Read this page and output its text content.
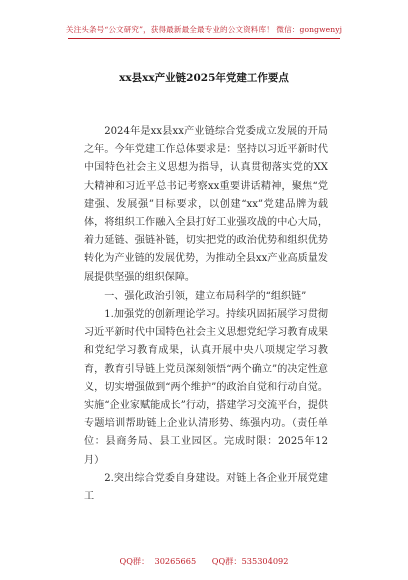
关注头条号“公文研究”，获得最新最全最专业的公文资料库！ 微信：gongwenyj
xx县xx产业链2025年党建工作要点

2024年是xx县xx产业链综合党委成立发展的开局之年。今年党建工作总体要求是：坚持以习近平新时代中国特色社会主义思想为指导，认真贯彻落实党的XX大精神和习近平总书记考察xx重要讲话精神，聚焦“党建强、发展强”目标要求，以创建“xx”党建品牌为载体，将组织工作融入全县打好工业强攻战的中心大局，着力延链、强链补链，切实把党的政治优势和组织优势转化为产业链的发展优势，为推动全县xx产业高质量发展提供坚强的组织保障。

一、强化政治引领，建立布局科学的“组织链”

1.加强党的创新理论学习。持续巩固拓展学习贯彻习近平新时代中国特色社会主义思想党纪学习教育成果和党纪学习教育成果，认真开展中央八项规定学习教育，教育引导链上党员深刻领悟“两个确立”的决定性意义，切实增强做到“两个维护”的政治自觉和行动自觉。实施“企业家赋能成长”行动，搭建学习交流平台，提供专题培训帮助链上企业认清形势、练强内功。（责任单位：县商务局、县工业园区。完成时限：2025年12月）

2.突出综合党委自身建设。对链上各企业开展党建工

QQ群：  30265665      QQ群：535304092
